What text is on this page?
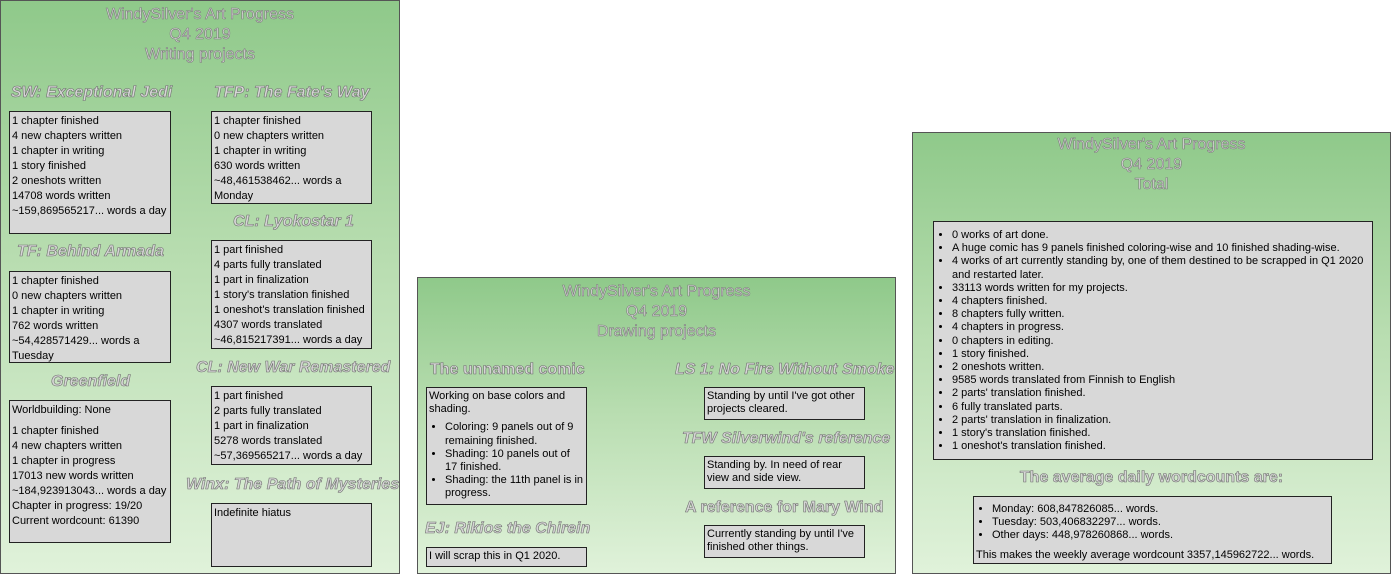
WindySilver's Art Progress
Q4 2019
Writing projects
SW: Exceptional Jedi
1 chapter finished
4 new chapters written
1 chapter in writing
1 story finished
2 oneshots written
14708 words written
~159,869565217... words a day
TF: Behind Armada
1 chapter finished
0 new chapters written
1 chapter in writing
762 words written
~54,428571429... words a Tuesday
Greenfield
Worldbuilding: None
1 chapter finished
4 new chapters written
1 chapter in progress
17013 new words written
~184,923913043... words a day
Chapter in progress: 19/20
Current wordcount: 61390
TFP: The Fate's Way
1 chapter finished
0 new chapters written
1 chapter in writing
630 words written
~48,461538462... words a Monday
CL: Lyokostar 1
1 part finished
4 parts fully translated
1 part in finalization
1 story's translation finished
1 oneshot's translation finished
4307 words translated
~46,815217391... words a day
CL: New War Remastered
1 part finished
2 parts fully translated
1 part in finalization
5278 words translated
~57,369565217... words a day
Winx: The Path of Mysteries
Indefinite hiatus
WindySilver's Art Progress
Q4 2019
Drawing projects
The unnamed comic

Working on base colors and shading.

• Coloring: 9 panels out of 9 remaining finished.
• Shading: 10 panels out of 17 finished.
• Shading: the 11th panel is in progress.
EJ: Rikios the Chirein

I will scrap this in Q1 2020.

LS 1: No Fire Without Smoke

Standing by until I've got other projects cleared.

TFW Silverwind's reference

Standing by. In need of rear view and side view.

A reference for Mary Wind

Currently standing by until I've finished other things.

WindySilver's Art Progress
Q4 2019
Total
• 0 works of art done.
• A huge comic has 9 panels finished coloring-wise and 10 finished shading-wise.
• 4 works of art currently standing by, one of them destined to be scrapped in Q1 2020 and restarted later.
• 33113 words written for my projects.
• 4 chapters finished.
• 8 chapters fully written.
• 4 chapters in progress.
• 0 chapters in editing.
• 1 story finished.
• 2 oneshots written.
• 9585 words translated from Finnish to English
• 2 parts' translation finished.
• 6 fully translated parts.
• 2 parts' translation in finalization.
• 1 story's translation finished.
• 1 oneshot's translation finished.
The average daily wordcounts are:
• Monday: 608,847826085... words.
• Tuesday: 503,406832297... words.
• Other days: 448,978260868... words.

This makes the weekly average wordcount 3357,145962722... words.
